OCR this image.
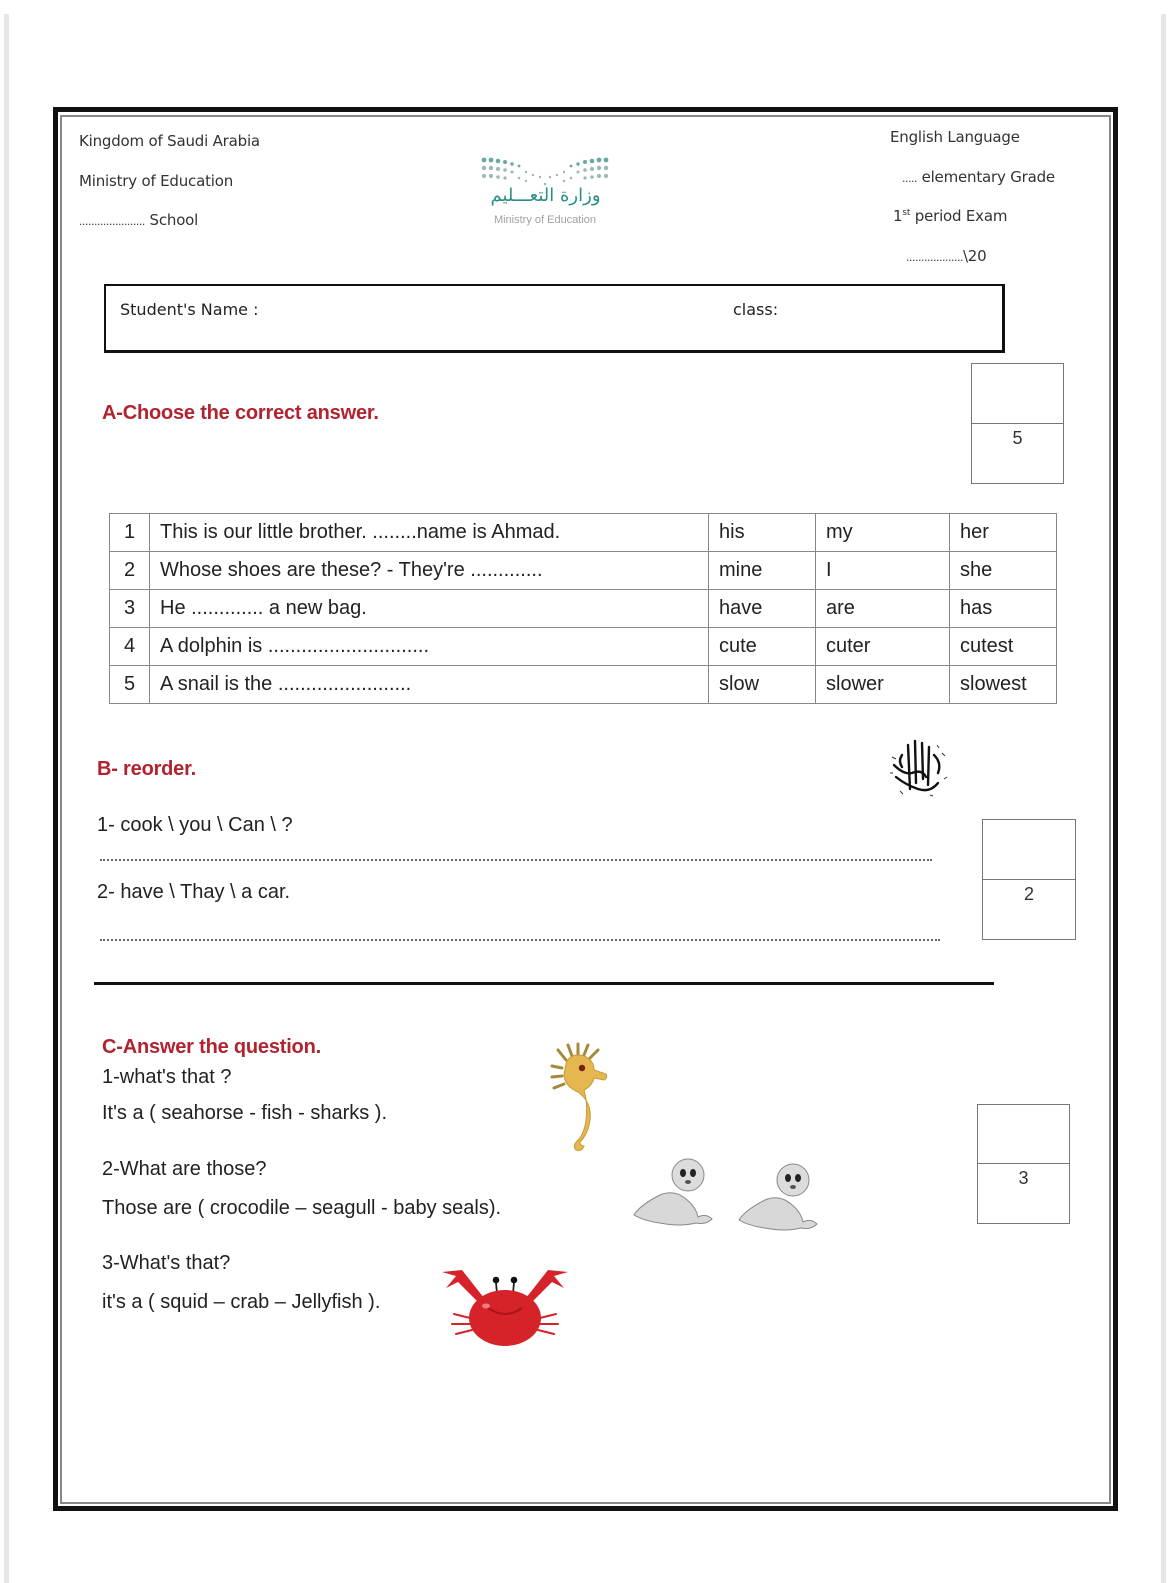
Kingdom of Saudi Arabia
Ministry of Education
...................... School
وزارة التعـــليم
Ministry of Education
English Language
..... elementary Grade
1st period Exam
...................\20
Student's Name :	class:
A-Choose the correct answer.
5
1	This is our little brother. ........name is Ahmad.	his	my	her
2	Whose shoes are these? - They're .............	mine	I	she
3	He ............. a new bag.	have	are	has
4	A dolphin is .............................	cute	cuter	cutest
5	A snail is the ........................	slow	slower	slowest
B- reorder.
1- cook \ you \ Can \ ?
2- have \ Thay \ a car.	2
C-Answer the question.
1-what's that ?
It's a ( seahorse - fish - sharks ).
2-What are those?
Those are ( crocodile – seagull - baby seals).
3-What's that?
it's a ( squid – crab – Jellyfish ).
3
